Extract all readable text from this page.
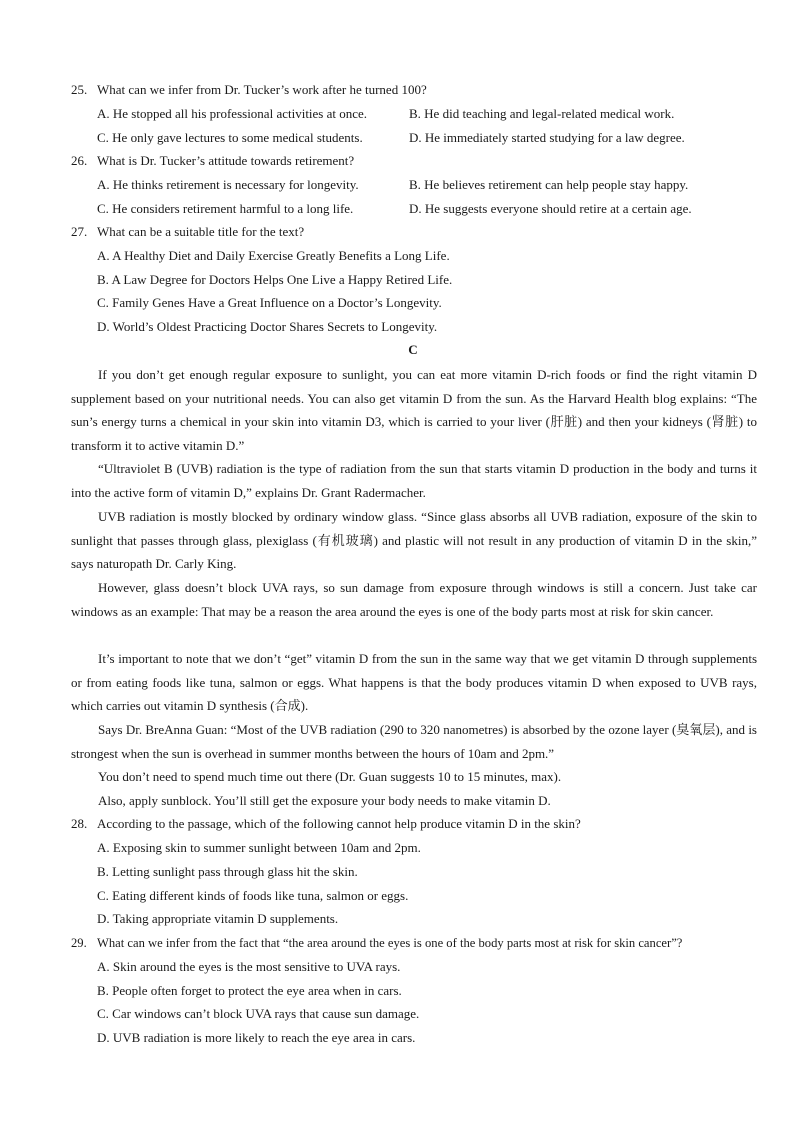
25. What can we infer from Dr. Tucker’s work after he turned 100?
A. He stopped all his professional activities at once.	B. He did teaching and legal-related medical work.
C. He only gave lectures to some medical students.	D. He immediately started studying for a law degree.
26. What is Dr. Tucker’s attitude towards retirement?
A. He thinks retirement is necessary for longevity.	B. He believes retirement can help people stay happy.
C. He considers retirement harmful to a long life.	D. He suggests everyone should retire at a certain age.
27. What can be a suitable title for the text?
A. A Healthy Diet and Daily Exercise Greatly Benefits a Long Life.
B. A Law Degree for Doctors Helps One Live a Happy Retired Life.
C. Family Genes Have a Great Influence on a Doctor’s Longevity.
D. World’s Oldest Practicing Doctor Shares Secrets to Longevity.
C
If you don’t get enough regular exposure to sunlight, you can eat more vitamin D-rich foods or find the right vitamin D supplement based on your nutritional needs. You can also get vitamin D from the sun. As the Harvard Health blog explains: “The sun’s energy turns a chemical in your skin into vitamin D3, which is carried to your liver (肝脏) and then your kidneys (肾脏) to transform it to active vitamin D.”
“Ultraviolet B (UVB) radiation is the type of radiation from the sun that starts vitamin D production in the body and turns it into the active form of vitamin D,” explains Dr. Grant Radermacher.
UVB radiation is mostly blocked by ordinary window glass. “Since glass absorbs all UVB radiation, exposure of the skin to sunlight that passes through glass, plexiglass (有机玻璃) and plastic will not result in any production of vitamin D in the skin,” says naturopath Dr. Carly King.
However, glass doesn’t block UVA rays, so sun damage from exposure through windows is still a concern. Just take car windows as an example: That may be a reason the area around the eyes is one of the body parts most at risk for skin cancer.
It’s important to note that we don’t “get” vitamin D from the sun in the same way that we get vitamin D through supplements or from eating foods like tuna, salmon or eggs. What happens is that the body produces vitamin D when exposed to UVB rays, which carries out vitamin D synthesis (合成).
Says Dr. BreAnna Guan: “Most of the UVB radiation (290 to 320 nanometres) is absorbed by the ozone layer (臭氧层), and is strongest when the sun is overhead in summer months between the hours of 10am and 2pm.”
You don’t need to spend much time out there (Dr. Guan suggests 10 to 15 minutes, max).
Also, apply sunblock. You’ll still get the exposure your body needs to make vitamin D.
28. According to the passage, which of the following cannot help produce vitamin D in the skin?
A. Exposing skin to summer sunlight between 10am and 2pm.
B. Letting sunlight pass through glass hit the skin.
C. Eating different kinds of foods like tuna, salmon or eggs.
D. Taking appropriate vitamin D supplements.
29. What can we infer from the fact that “the area around the eyes is one of the body parts most at risk for skin cancer”?
A. Skin around the eyes is the most sensitive to UVA rays.
B. People often forget to protect the eye area when in cars.
C. Car windows can’t block UVA rays that cause sun damage.
D. UVB radiation is more likely to reach the eye area in cars.
